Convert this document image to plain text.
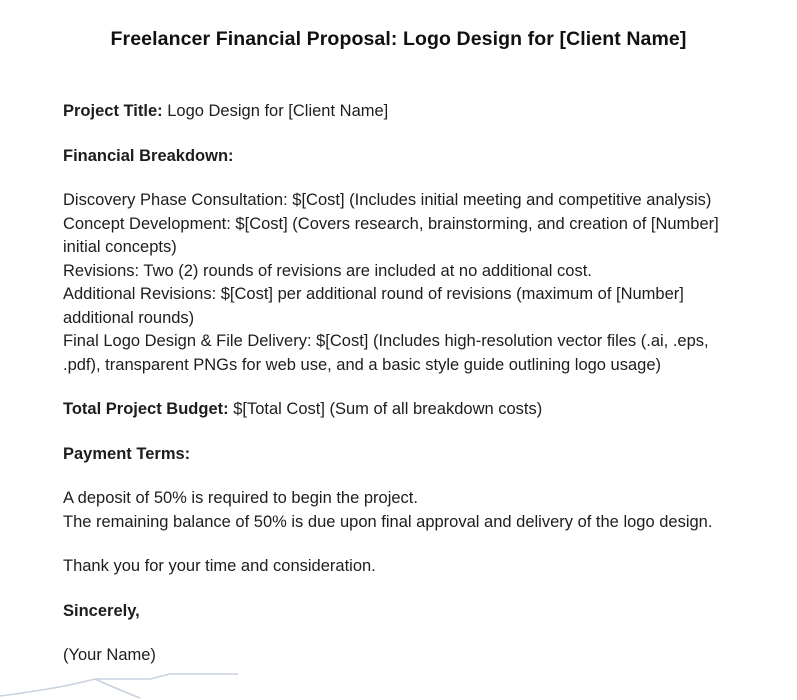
Freelancer Financial Proposal: Logo Design for [Client Name]
Project Title: Logo Design for [Client Name]
Financial Breakdown:
Discovery Phase Consultation: $[Cost] (Includes initial meeting and competitive analysis)
Concept Development: $[Cost] (Covers research, brainstorming, and creation of [Number] initial concepts)
Revisions: Two (2) rounds of revisions are included at no additional cost.
Additional Revisions: $[Cost] per additional round of revisions (maximum of [Number] additional rounds)
Final Logo Design & File Delivery: $[Cost] (Includes high-resolution vector files (.ai, .eps, .pdf), transparent PNGs for web use, and a basic style guide outlining logo usage)
Total Project Budget: $[Total Cost] (Sum of all breakdown costs)
Payment Terms:
A deposit of 50% is required to begin the project.
The remaining balance of 50% is due upon final approval and delivery of the logo design.
Thank you for your time and consideration.
Sincerely,
(Your Name)
